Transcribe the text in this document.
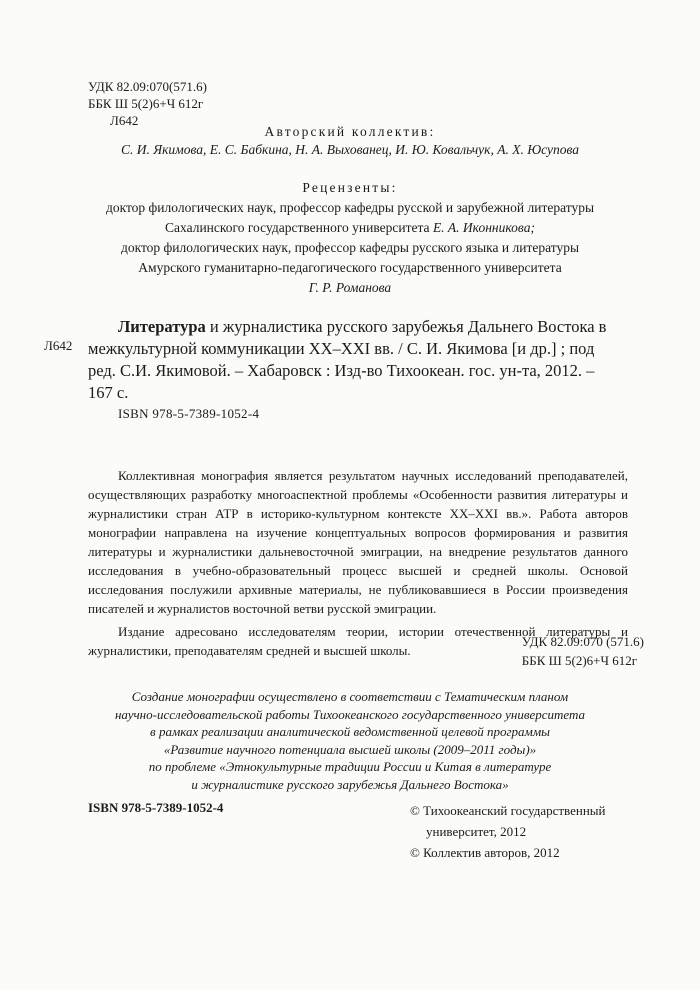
УДК 82.09:070(571.6)
ББК Ш 5(2)6+Ч 612г
Л642
Авторский коллектив:
С. И. Якимова, Е. С. Бабкина, Н. А. Выхованец, И. Ю. Ковальчук, А. Х. Юсупова
Рецензенты:
доктор филологических наук, профессор кафедры русской и зарубежной литературы
Сахалинского государственного университета Е. А. Иконникова;
доктор филологических наук, профессор кафедры русского языка и литературы
Амурского гуманитарно-педагогического государственного университета
Г. Р. Романова
Л642
Литература и журналистика русского зарубежья Дальнего Востока в
межкультурной коммуникации XX–XXI вв. / С. И. Якимова [и др.] ; под
ред. С.И. Якимовой. – Хабаровск : Изд-во Тихоокеан. гос. ун-та, 2012. –
167 с.
ISBN 978-5-7389-1052-4

Коллективная монография является результатом научных исследований преподавателей, осуществляющих разработку многоаспектной проблемы «Особенности развития литературы и журналистики стран АТР в историко-культурном контексте XX–XXI вв.». Работа авторов монографии направлена на изучение концептуальных вопросов формирования и развития литературы и журналистики дальневосточной эмиграции, на внедрение результатов данного исследования в учебно-образовательный процесс высшей и средней школы. Основой исследования послужили архивные материалы, не публиковавшиеся в России произведения писателей и журналистов восточной ветви русской эмиграции.

Издание адресовано исследователям теории, истории отечественной литературы и журналистики, преподавателям средней и высшей школы.

УДК 82.09:070 (571.6)
ББК Ш 5(2)6+Ч 612г
Создание монографии осуществлено в соответствии с Тематическим планом
научно-исследовательской работы Тихоокеанского государственного университета
в рамках реализации аналитической ведомственной целевой программы
«Развитие научного потенциала высшей школы (2009–2011 годы)»
по проблеме «Этнокультурные традиции России и Китая в литературе
и журналистике русского зарубежья Дальнего Востока»
ISBN 978-5-7389-1052-4	© Тихоокеанский государственный
университет, 2012
© Коллектив авторов, 2012
